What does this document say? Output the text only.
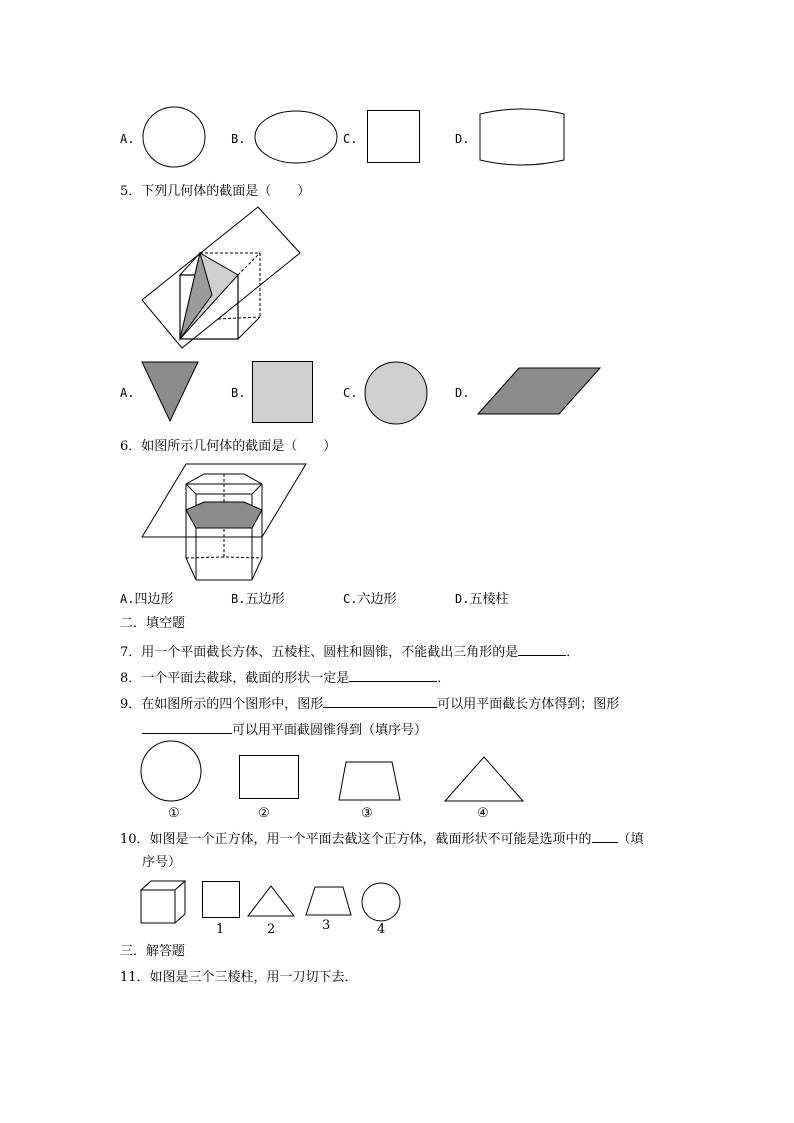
A.	B.	C.	D.
5．下列几何体的截面是（　　）
A.	B.	C.	D.
6．如图所示几何体的截面是（　　）
A.四边形	B.五边形	C.六边形	D.五棱柱
二．填空题
7．用一个平面截长方体、五棱柱、圆柱和圆锥，不能截出三角形的是	．
8．一个平面去截球，截面的形状一定是	．
9．在如图所示的四个图形中，图形	可以用平面截长方体得到；图形
可以用平面截圆锥得到（填序号）
①	②	③	④
10．如图是一个正方体，用一个平面去截这个正方体，截面形状不可能是选项中的 （填
序号）
1	2	3	4
三．解答题
11．如图是三个三棱柱，用一刀切下去．
